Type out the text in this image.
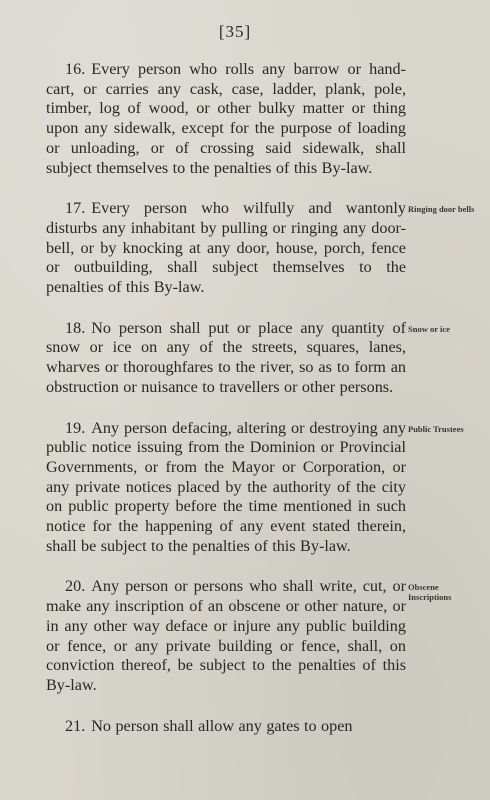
[35]
16. Every person who rolls any barrow or hand-cart, or carries any cask, case, ladder, plank, pole, timber, log of wood, or other bulky matter or thing upon any sidewalk, except for the purpose of loading or unloading, or of crossing said sidewalk, shall subject themselves to the penalties of this By-law.
17. Every person who wilfully and wantonly disturbs any inhabitant by pulling or ringing any door-bell, or by knocking at any door, house, porch, fence or outbuilding, shall subject themselves to the penalties of this By-law.
Ringing door bells
18. No person shall put or place any quantity of snow or ice on any of the streets, squares, lanes, wharves or thoroughfares to the river, so as to form an obstruction or nuisance to travellers or other persons.
Snow or ice
19. Any person defacing, altering or destroying any public notice issuing from the Dominion or Provincial Governments, or from the Mayor or Corporation, or any private notices placed by the authority of the city on public property before the time mentioned in such notice for the happening of any event stated therein, shall be subject to the penalties of this By-law.
Public Trustees
20. Any person or persons who shall write, cut, or make any inscription of an obscene or other nature, or in any other way deface or injure any public building or fence, or any private building or fence, shall, on conviction thereof, be subject to the penalties of this By-law.
Obscene Inscriptions
21. No person shall allow any gates to open
